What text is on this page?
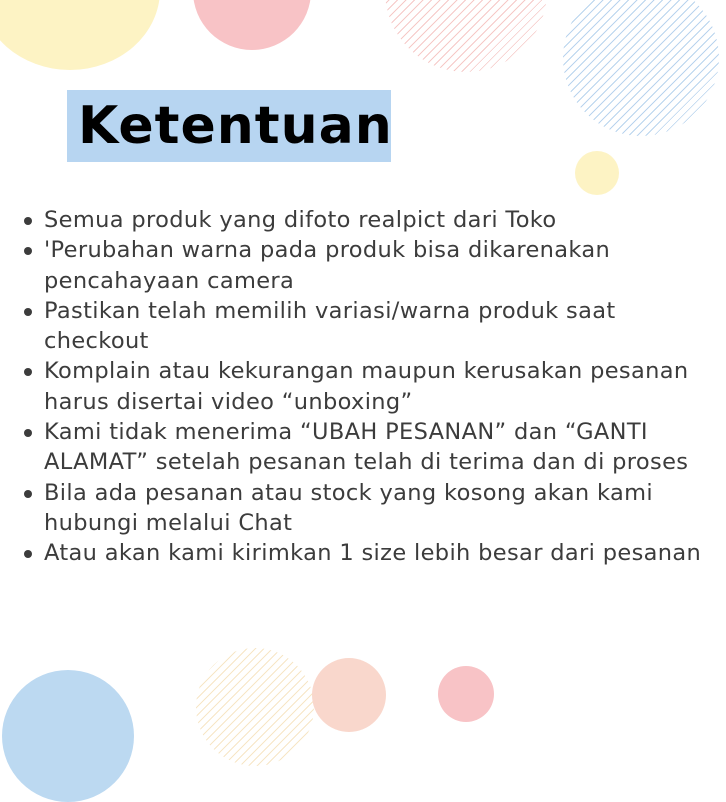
Ketentuan
Semua produk yang difoto realpict dari Toko
'Perubahan warna pada produk bisa dikarenakan pencahayaan camera
Pastikan telah memilih variasi/warna produk saat checkout
Komplain atau kekurangan maupun kerusakan pesanan harus disertai video “unboxing”
Kami tidak menerima “UBAH PESANAN” dan “GANTI ALAMAT” setelah pesanan telah di terima dan di proses
Bila ada pesanan atau stock yang kosong akan kami hubungi melalui Chat
Atau akan kami kirimkan 1 size lebih besar dari pesanan
